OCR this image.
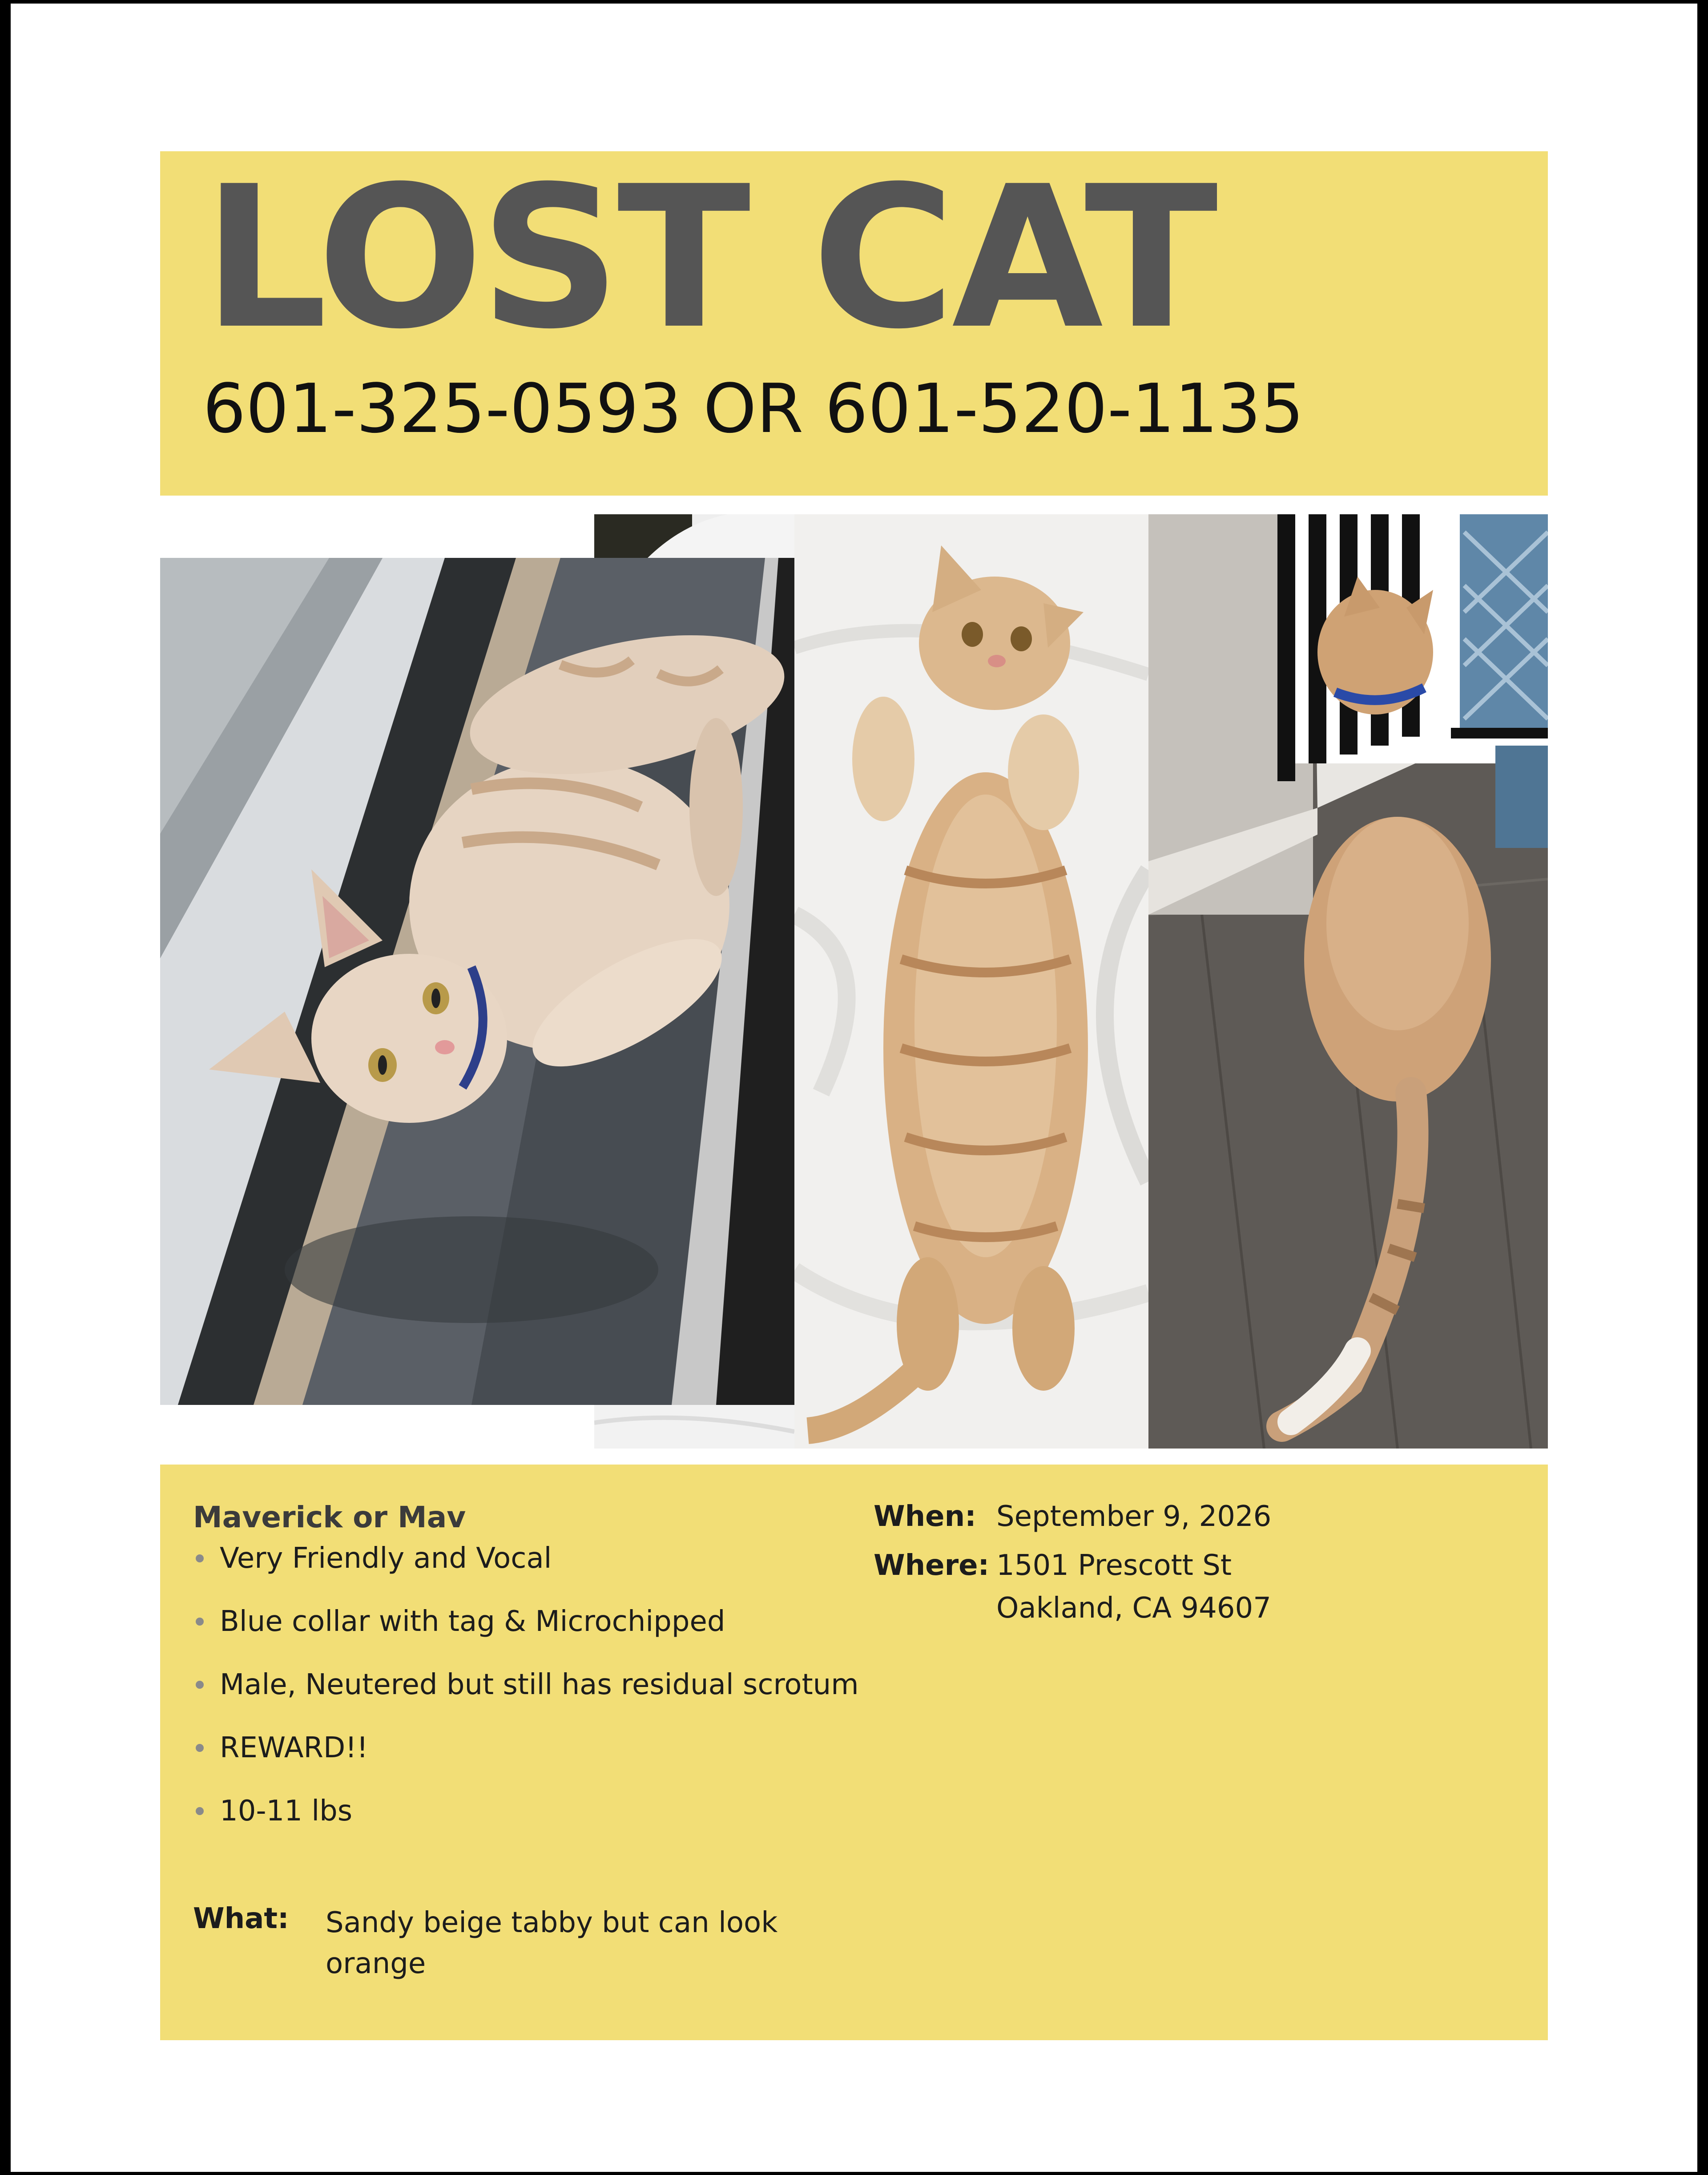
LOST CAT

601-325-0593 OR 601-520-1135

Maverick or Mav

Very Friendly and Vocal
Blue collar with tag & Microchipped
Male, Neutered but still has residual scrotum
REWARD!!
10-11 lbs
What: Sandy beige tabby but can look orange
When: September 9, 2026
Where: 1501 Prescott St
Oakland, CA 94607
